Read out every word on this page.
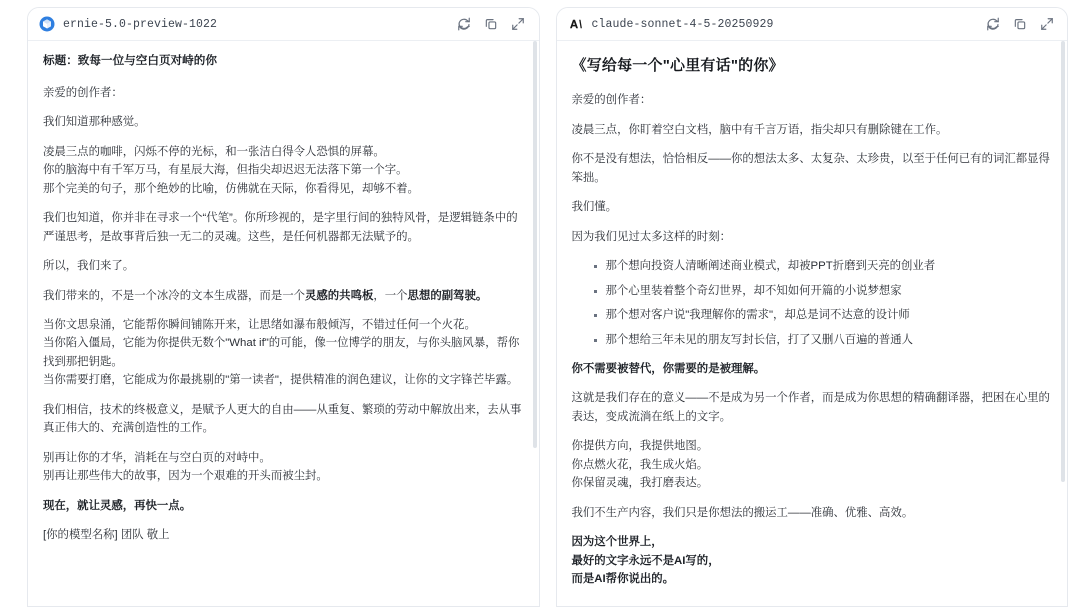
ernie-5.0-preview-1022

标题：致每一位与空白页对峙的你

亲爱的创作者：

我们知道那种感觉。

凌晨三点的咖啡，闪烁不停的光标，和一张洁白得令人恐惧的屏幕。
你的脑海中有千军万马，有星辰大海，但指尖却迟迟无法落下第一个字。
那个完美的句子，那个绝妙的比喻，仿佛就在天际，你看得见，却够不着。

我们也知道，你并非在寻求一个“代笔”。你所珍视的，是字里行间的独特风骨，是逻辑链条中的严谨思考，是故事背后独一无二的灵魂。这些，是任何机器都无法赋予的。

所以，我们来了。

我们带来的，不是一个冰冷的文本生成器，而是一个灵感的共鸣板，一个思想的副驾驶。

当你文思泉涌，它能帮你瞬间铺陈开来，让思绪如瀑布般倾泻，不错过任何一个火花。
当你陷入僵局，它能为你提供无数个"What if"的可能，像一位博学的朋友，与你头脑风暴，帮你找到那把钥匙。
当你需要打磨，它能成为你最挑剔的"第一读者"，提供精准的润色建议，让你的文字锋芒毕露。

我们相信，技术的终极意义，是赋予人更大的自由——从重复、繁琐的劳动中解放出来，去从事真正伟大的、充满创造性的工作。

别再让你的才华，消耗在与空白页的对峙中。
别再让那些伟大的故事，因为一个艰难的开头而被尘封。

现在，就让灵感，再快一点。

[你的模型名称] 团队 敬上

claude-sonnet-4-5-20250929

《写给每一个"心里有话"的你》

亲爱的创作者：

凌晨三点，你盯着空白文档，脑中有千言万语，指尖却只有删除键在工作。

你不是没有想法，恰恰相反——你的想法太多、太复杂、太珍贵，以至于任何已有的词汇都显得笨拙。

我们懂。

因为我们见过太多这样的时刻：

那个想向投资人清晰阐述商业模式，却被PPT折磨到天亮的创业者
那个心里装着整个奇幻世界，却不知如何开篇的小说梦想家
那个想对客户说"我理解你的需求"，却总是词不达意的设计师
那个想给三年未见的朋友写封长信，打了又删八百遍的普通人

你不需要被替代，你需要的是被理解。

这就是我们存在的意义——不是成为另一个作者，而是成为你思想的精确翻译器，把困在心里的表达，变成流淌在纸上的文字。

你提供方向，我提供地图。
你点燃火花，我生成火焰。
你保留灵魂，我打磨表达。

我们不生产内容，我们只是你想法的搬运工——准确、优雅、高效。

因为这个世界上，
最好的文字永远不是AI写的，
而是AI帮你说出的。
